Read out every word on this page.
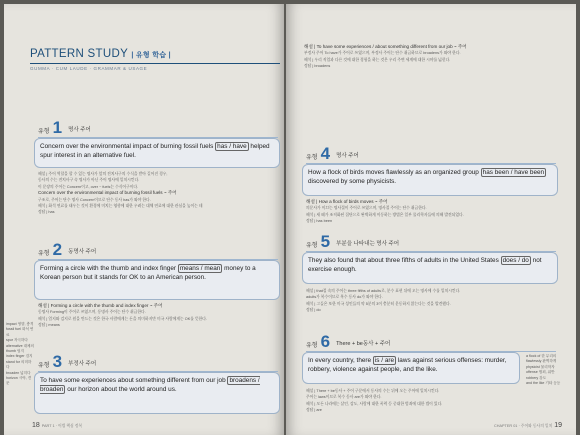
PATTERN STUDY | 유형 학습 |
GUMMA · CUM LAUDE · GRAMMAR & USAGE
유형 1 명사 주어
Concern over the environmental impact of burning fossil fuels has / have helped spur interest in an alternative fuel.
해설 | 주어 역할을 할 수 있는 명사가 앞의 전치사구의 수식을 받아 길어진 경우,
동사의 수는 전치사구 속 명사가 아닌 주어 명사에 일치시킨다.
이 문장의 주어는 Concern이고, over ~ fuels는 수식어구이다.
Concern over the environmental impact of burning fossil fuels ~ 주어
구조로, 주어는 단수 명사 Concern이므로 단수 동사 has가 와야 한다.
해석 | 화석 연료를 태우는 것이 환경에 미치는 영향에 대한 우려는 대체 연료에 대한 관심을 높이는 데
정답 | has
유형 2 동명사 주어
Forming a circle with the thumb and index finger means / mean money to a Korean person but it stands for OK to an American person.
해설 | Forming a circle with the thumb and index finger ~ 주어
동명사 Forming이 주어로 쓰였으며, 동명사 주어는 단수 취급한다.
해석 | 엄지와 검지로 원을 만드는 것은 한국 사람에게는 돈을 의미하지만 미국 사람에게는 OK를 뜻한다.
정답 | means
유형 3 부정사 주어
To have some experiences about something different from our job broadens / broaden our horizon about the world around us.
impact 영향, 충격
fossil fuel 화석 연료
spur 자극하다
alternative 대체의
thumb 엄지
index finger 검지
stand for 의미하다
broaden 넓히다
horizon 시야, 견문
18 PART 1 · 어법 핵심 정복
해설 | To have some experiences / about something different from our job ~ 주어
부정사 주어 To have가 주어로 쓰였으며, 부정사 주어는 단수 취급하므로 broadens가 와야 한다.
해석 | 우리 직업과 다른 것에 대한 경험을 하는 것은 우리 주변 세계에 대한 시야를 넓힌다.
정답 | broadens
유형 4 명사 주어
How a flock of birds moves flawlessly as an organized group has been / have been discovered by some physicists.
해설 | How a flock of birds moves ~ 주어
의문사가 이끄는 명사절이 주어로 쓰였으며, 명사절 주어는 단수 취급한다.
해석 | 새 떼가 조직화된 집단으로 완벽하게 이동하는 방법은 일부 물리학자들에 의해 발견되었다.
정답 | has been
유형 5 부분을 나타내는 명사 주어
They also found that about three fifths of adults in the United States does / do not exercise enough.
해설 | that절 속의 주어는 three fifths of adults로, 분수 표현 뒤에 오는 명사에 수를 일치시킨다.
adults가 복수이므로 복수 동사 do가 와야 한다.
해석 | 그들은 또한 미국 성인들의 약 5분의 3이 충분히 운동하지 않는다는 것을 발견했다.
정답 | do
유형 6 There + be동사 + 주어
In every country, there is / are laws against serious offenses: murder, robbery, violence against people, and the like.
해설 | There + be동사 + 주어 구문에서 동사의 수는 뒤에 오는 주어에 일치시킨다.
주어는 laws이므로 복수 동사 are가 와야 한다.
해석 | 모든 나라에는 살인, 강도, 사람에 대한 폭력 등 중대한 범죄에 대한 법이 있다.
정답 | are
a flock of 한 무리의
flawlessly 완벽하게
physicist 물리학자
offense 범죄, 위반
robbery 강도
and the like 기타 등등
CHAPTER 01 · 주어와 동사의 일치 19
